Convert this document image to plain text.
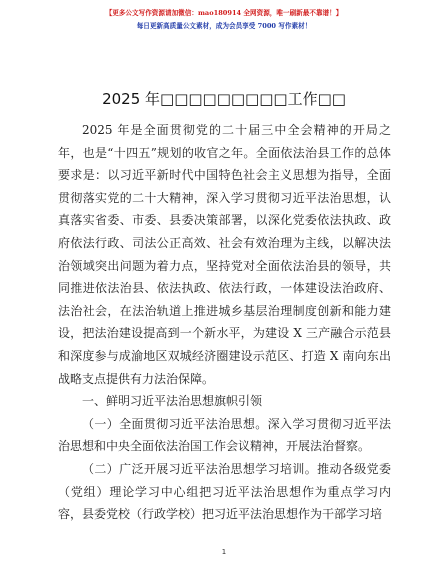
【更多公文写作资源请加微信：mao180914 全网资源，唯一刷新最不靠谱！】
每日更新高质量公文素材，成为会员享受 7000 写作素材！
2025 年□□□□□□□□□工作□□

2025 年是全面贯彻党的二十届三中全会精神的开局之年，也是“十四五”规划的收官之年。全面依法治县工作的总体要求是：以习近平新时代中国特色社会主义思想为指导，全面贯彻落实党的二十大精神，深入学习贯彻习近平法治思想，认真落实省委、市委、县委决策部署，以深化党委依法执政、政府依法行政、司法公正高效、社会有效治理为主线，以解决法治领域突出问题为着力点，坚持党对全面依法治县的领导，共同推进依法治县、依法执政、依法行政，一体建设法治政府、法治社会，在法治轨道上推进城乡基层治理制度创新和能力建设，把法治建设提高到一个新水平，为建设 X 三产融合示范县和深度参与成渝地区双城经济圈建设示范区、打造 X 南向东出战略支点提供有力法治保障。

一、鲜明习近平法治思想旗帜引领

（一）全面贯彻习近平法治思想。深入学习贯彻习近平法治思想和中央全面依法治国工作会议精神，开展法治督察。

（二）广泛开展习近平法治思想学习培训。推动各级党委（党组）理论学习中心组把习近平法治思想作为重点学习内容，县委党校（行政学校）把习近平法治思想作为干部学习培

1
